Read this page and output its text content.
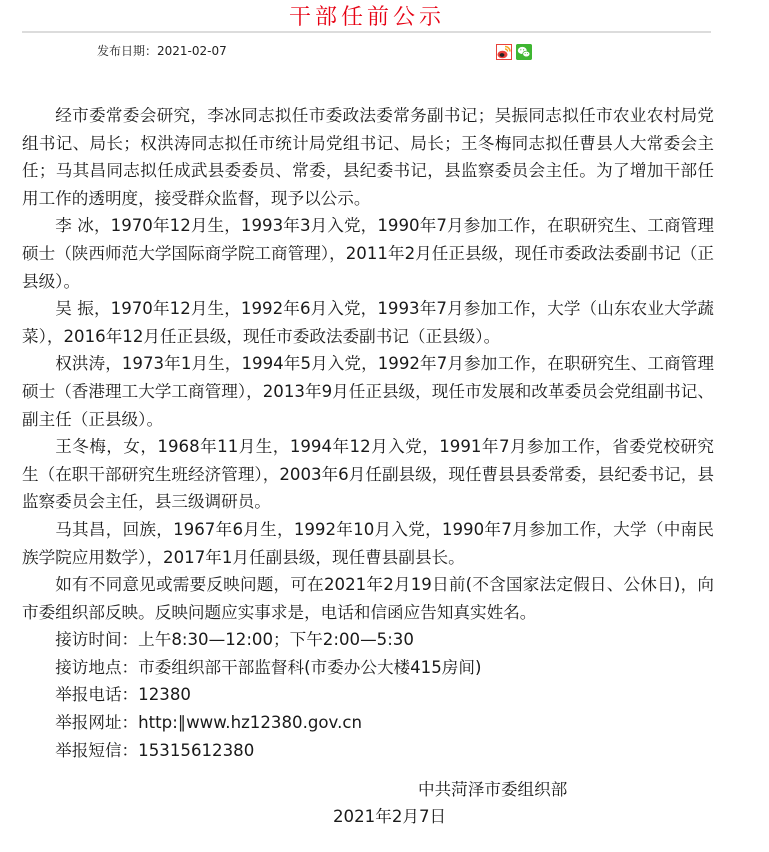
干部任前公示
发布日期：2021-02-07

经市委常委会研究，李冰同志拟任市委政法委常务副书记；吴振同志拟任市农业农村局党组书记、局长；权洪涛同志拟任市统计局党组书记、局长；王冬梅同志拟任曹县人大常委会主任；马其昌同志拟任成武县委委员、常委，县纪委书记，县监察委员会主任。为了增加干部任用工作的透明度，接受群众监督，现予以公示。

李 冰，1970年12月生，1993年3月入党，1990年7月参加工作，在职研究生、工商管理硕士（陕西师范大学国际商学院工商管理），2011年2月任正县级，现任市委政法委副书记（正县级）。

吴 振，1970年12月生，1992年6月入党，1993年7月参加工作，大学（山东农业大学蔬菜），2016年12月任正县级，现任市委政法委副书记（正县级）。

权洪涛，1973年1月生，1994年5月入党，1992年7月参加工作，在职研究生、工商管理硕士（香港理工大学工商管理），2013年9月任正县级，现任市发展和改革委员会党组副书记、副主任（正县级）。

王冬梅，女，1968年11月生，1994年12月入党，1991年7月参加工作，省委党校研究生（在职干部研究生班经济管理），2003年6月任副县级，现任曹县县委常委，县纪委书记，县监察委员会主任，县三级调研员。

马其昌，回族，1967年6月生，1992年10月入党，1990年7月参加工作，大学（中南民族学院应用数学），2017年1月任副县级，现任曹县副县长。

如有不同意见或需要反映问题，可在2021年2月19日前(不含国家法定假日、公休日)，向市委组织部反映。反映问题应实事求是，电话和信函应告知真实姓名。

接访时间：上午8:30—12:00；下午2:00—5:30

接访地点：市委组织部干部监督科(市委办公大楼415房间)

举报电话：12380

举报网址：http:∥www.hz12380.gov.cn

举报短信：15315612380

中共菏泽市委组织部
2021年2月7日
